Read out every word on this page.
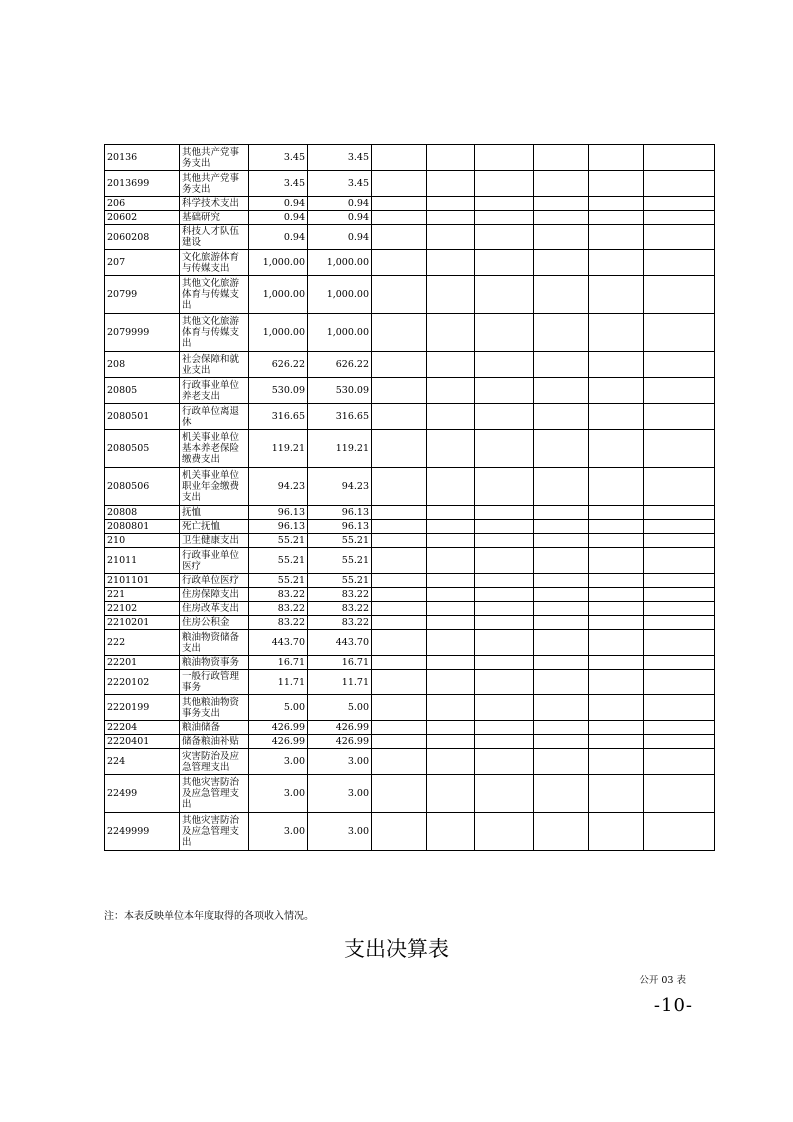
20136	其他共产党事务支出	3.45	3.45						
2013699	其他共产党事务支出	3.45	3.45						
206	科学技术支出	0.94	0.94						
20602	基础研究	0.94	0.94						
2060208	科技人才队伍建设	0.94	0.94						
207	文化旅游体育与传媒支出	1,000.00	1,000.00						
20799	其他文化旅游体育与传媒支出	1,000.00	1,000.00						
2079999	其他文化旅游体育与传媒支出	1,000.00	1,000.00						
208	社会保障和就业支出	626.22	626.22						
20805	行政事业单位养老支出	530.09	530.09						
2080501	行政单位离退休	316.65	316.65						
2080505	机关事业单位基本养老保险缴费支出	119.21	119.21						
2080506	机关事业单位职业年金缴费支出	94.23	94.23						
20808	抚恤	96.13	96.13						
2080801	死亡抚恤	96.13	96.13						
210	卫生健康支出	55.21	55.21						
21011	行政事业单位医疗	55.21	55.21						
2101101	行政单位医疗	55.21	55.21						
221	住房保障支出	83.22	83.22						
22102	住房改革支出	83.22	83.22						
2210201	住房公积金	83.22	83.22						
222	粮油物资储备支出	443.70	443.70						
22201	粮油物资事务	16.71	16.71						
2220102	一般行政管理事务	11.71	11.71						
2220199	其他粮油物资事务支出	5.00	5.00						
22204	粮油储备	426.99	426.99						
2220401	储备粮油补贴	426.99	426.99						
224	灾害防治及应急管理支出	3.00	3.00						
22499	其他灾害防治及应急管理支出	3.00	3.00						
2249999	其他灾害防治及应急管理支出	3.00	3.00						
注：本表反映单位本年度取得的各项收入情况。
支出决算表
公开 03 表
-10-
